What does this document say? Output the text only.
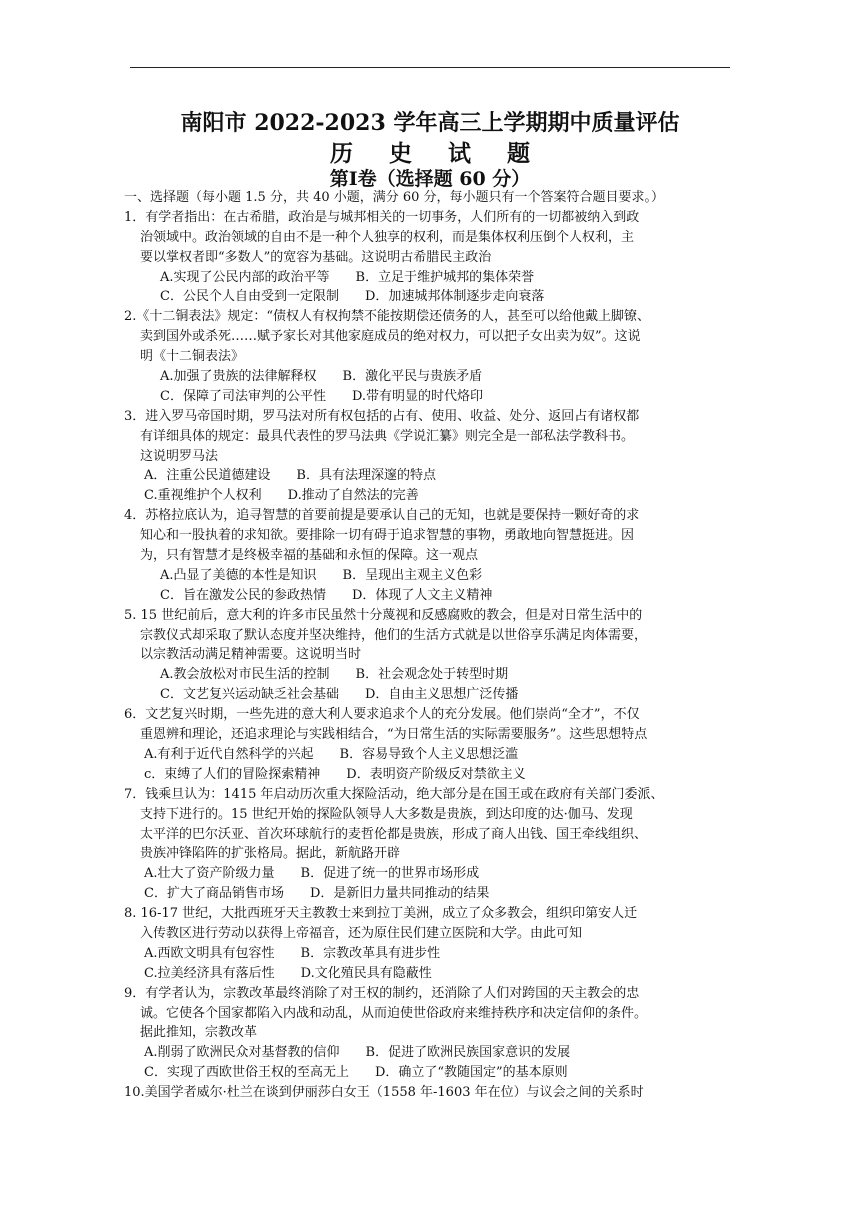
南阳市 2022-2023 学年高三上学期期中质量评估
历 史 试 题
第Ⅰ卷（选择题 60 分）
一、选择题（每小题 1.5 分，共 40 小题，满分 60 分，每小题只有一个答案符合题目要求。）
1．有学者指出：在古希腊，政治是与城邦相关的一切事务，人们所有的一切都被纳入到政
治领域中。政治领域的自由不是一种个人独享的权利，而是集体权利压倒个人权利，主
要以掌权者即“多数人”的宽容为基础。这说明古希腊民主政治
A.实现了公民内部的政治平等　　B．立足于维护城邦的集体荣誉
C．公民个人自由受到一定限制　　D．加速城邦体制逐步走向衰落
2.《十二铜表法》规定：“债权人有权拘禁不能按期偿还债务的人，甚至可以给他戴上脚镣、
卖到国外或杀死……赋予家长对其他家庭成员的绝对权力，可以把子女出卖为奴”。这说
明《十二铜表法》
A.加强了贵族的法律解释权　　B．激化平民与贵族矛盾
C．保障了司法审判的公平性　　D.带有明显的时代烙印
3．进入罗马帝国时期，罗马法对所有权包括的占有、使用、收益、处分、返回占有诸权都
有详细具体的规定：最具代表性的罗马法典《学说汇纂》则完全是一部私法学教科书。
这说明罗马法
A．注重公民道德建设　　B．具有法理深邃的特点
C.重视维护个人权利　　D.推动了自然法的完善
4．苏格拉底认为，追寻智慧的首要前提是要承认自己的无知，也就是要保持一颗好奇的求
知心和一股执着的求知欲。要排除一切有碍于追求智慧的事物，勇敢地向智慧挺进。因
为，只有智慧才是终极幸福的基础和永恒的保障。这一观点
A.凸显了美德的本性是知识　　B．呈现出主观主义色彩
C．旨在激发公民的参政热情　　D．体现了人文主义精神
5. 15 世纪前后，意大利的许多市民虽然十分蔑视和反感腐败的教会，但是对日常生活中的
宗教仪式却采取了默认态度并坚决维持，他们的生活方式就是以世俗享乐满足肉体需要，
以宗教活动满足精神需要。这说明当时
A.教会放松对市民生活的控制　　B．社会观念处于转型时期
C．文艺复兴运动缺乏社会基础　　D．自由主义思想广泛传播
6．文艺复兴时期，一些先进的意大利人要求追求个人的充分发展。他们崇尚“全才”，不仅
重恩辨和理论，还追求理论与实践相结合，“为日常生活的实际需要服务”。这些思想特点
A.有利于近代自然科学的兴起　　B．容易导致个人主义思想泛滥
c．束缚了人们的冒险探索精神　　D．表明资产阶级反对禁欲主义
7．钱乘旦认为：1415 年启动历次重大探险活动，绝大部分是在国王或在政府有关部门委派、
支持下进行的。15 世纪开始的探险队领导人大多数是贵族，到达印度的达·伽马、发现
太平洋的巴尔沃亚、首次环球航行的麦哲伦都是贵族，形成了商人出钱、国王牵线组织、
贵族冲锋陷阵的扩张格局。据此，新航路开辟
A.壮大了资产阶级力量　　B．促进了统一的世界市场形成
C．扩大了商品销售市场　　D．是新旧力量共同推动的结果
8. 16-17 世纪，大批西班牙天主教教士来到拉丁美洲，成立了众多教会，组织印第安人迁
入传教区进行劳动以获得上帝福音，还为原住民们建立医院和大学。由此可知
A.西欧文明具有包容性　　B．宗教改革具有进步性
C.拉美经济具有落后性　　D.文化殖民具有隐蔽性
9．有学者认为，宗教改革最终消除了对王权的制约，还消除了人们对跨国的天主教会的忠
诚。它使各个国家都陷入内战和动乱，从而迫使世俗政府来维持秩序和决定信仰的条件。
据此推知，宗教改革
A.削弱了欧洲民众对基督教的信仰　　B．促进了欧洲民族国家意识的发展
C．实现了西欧世俗王权的至高无上　　D．确立了“教随国定”的基本原则
10.美国学者威尔·杜兰在谈到伊丽莎白女王（1558 年-1603 年在位）与议会之间的关系时
